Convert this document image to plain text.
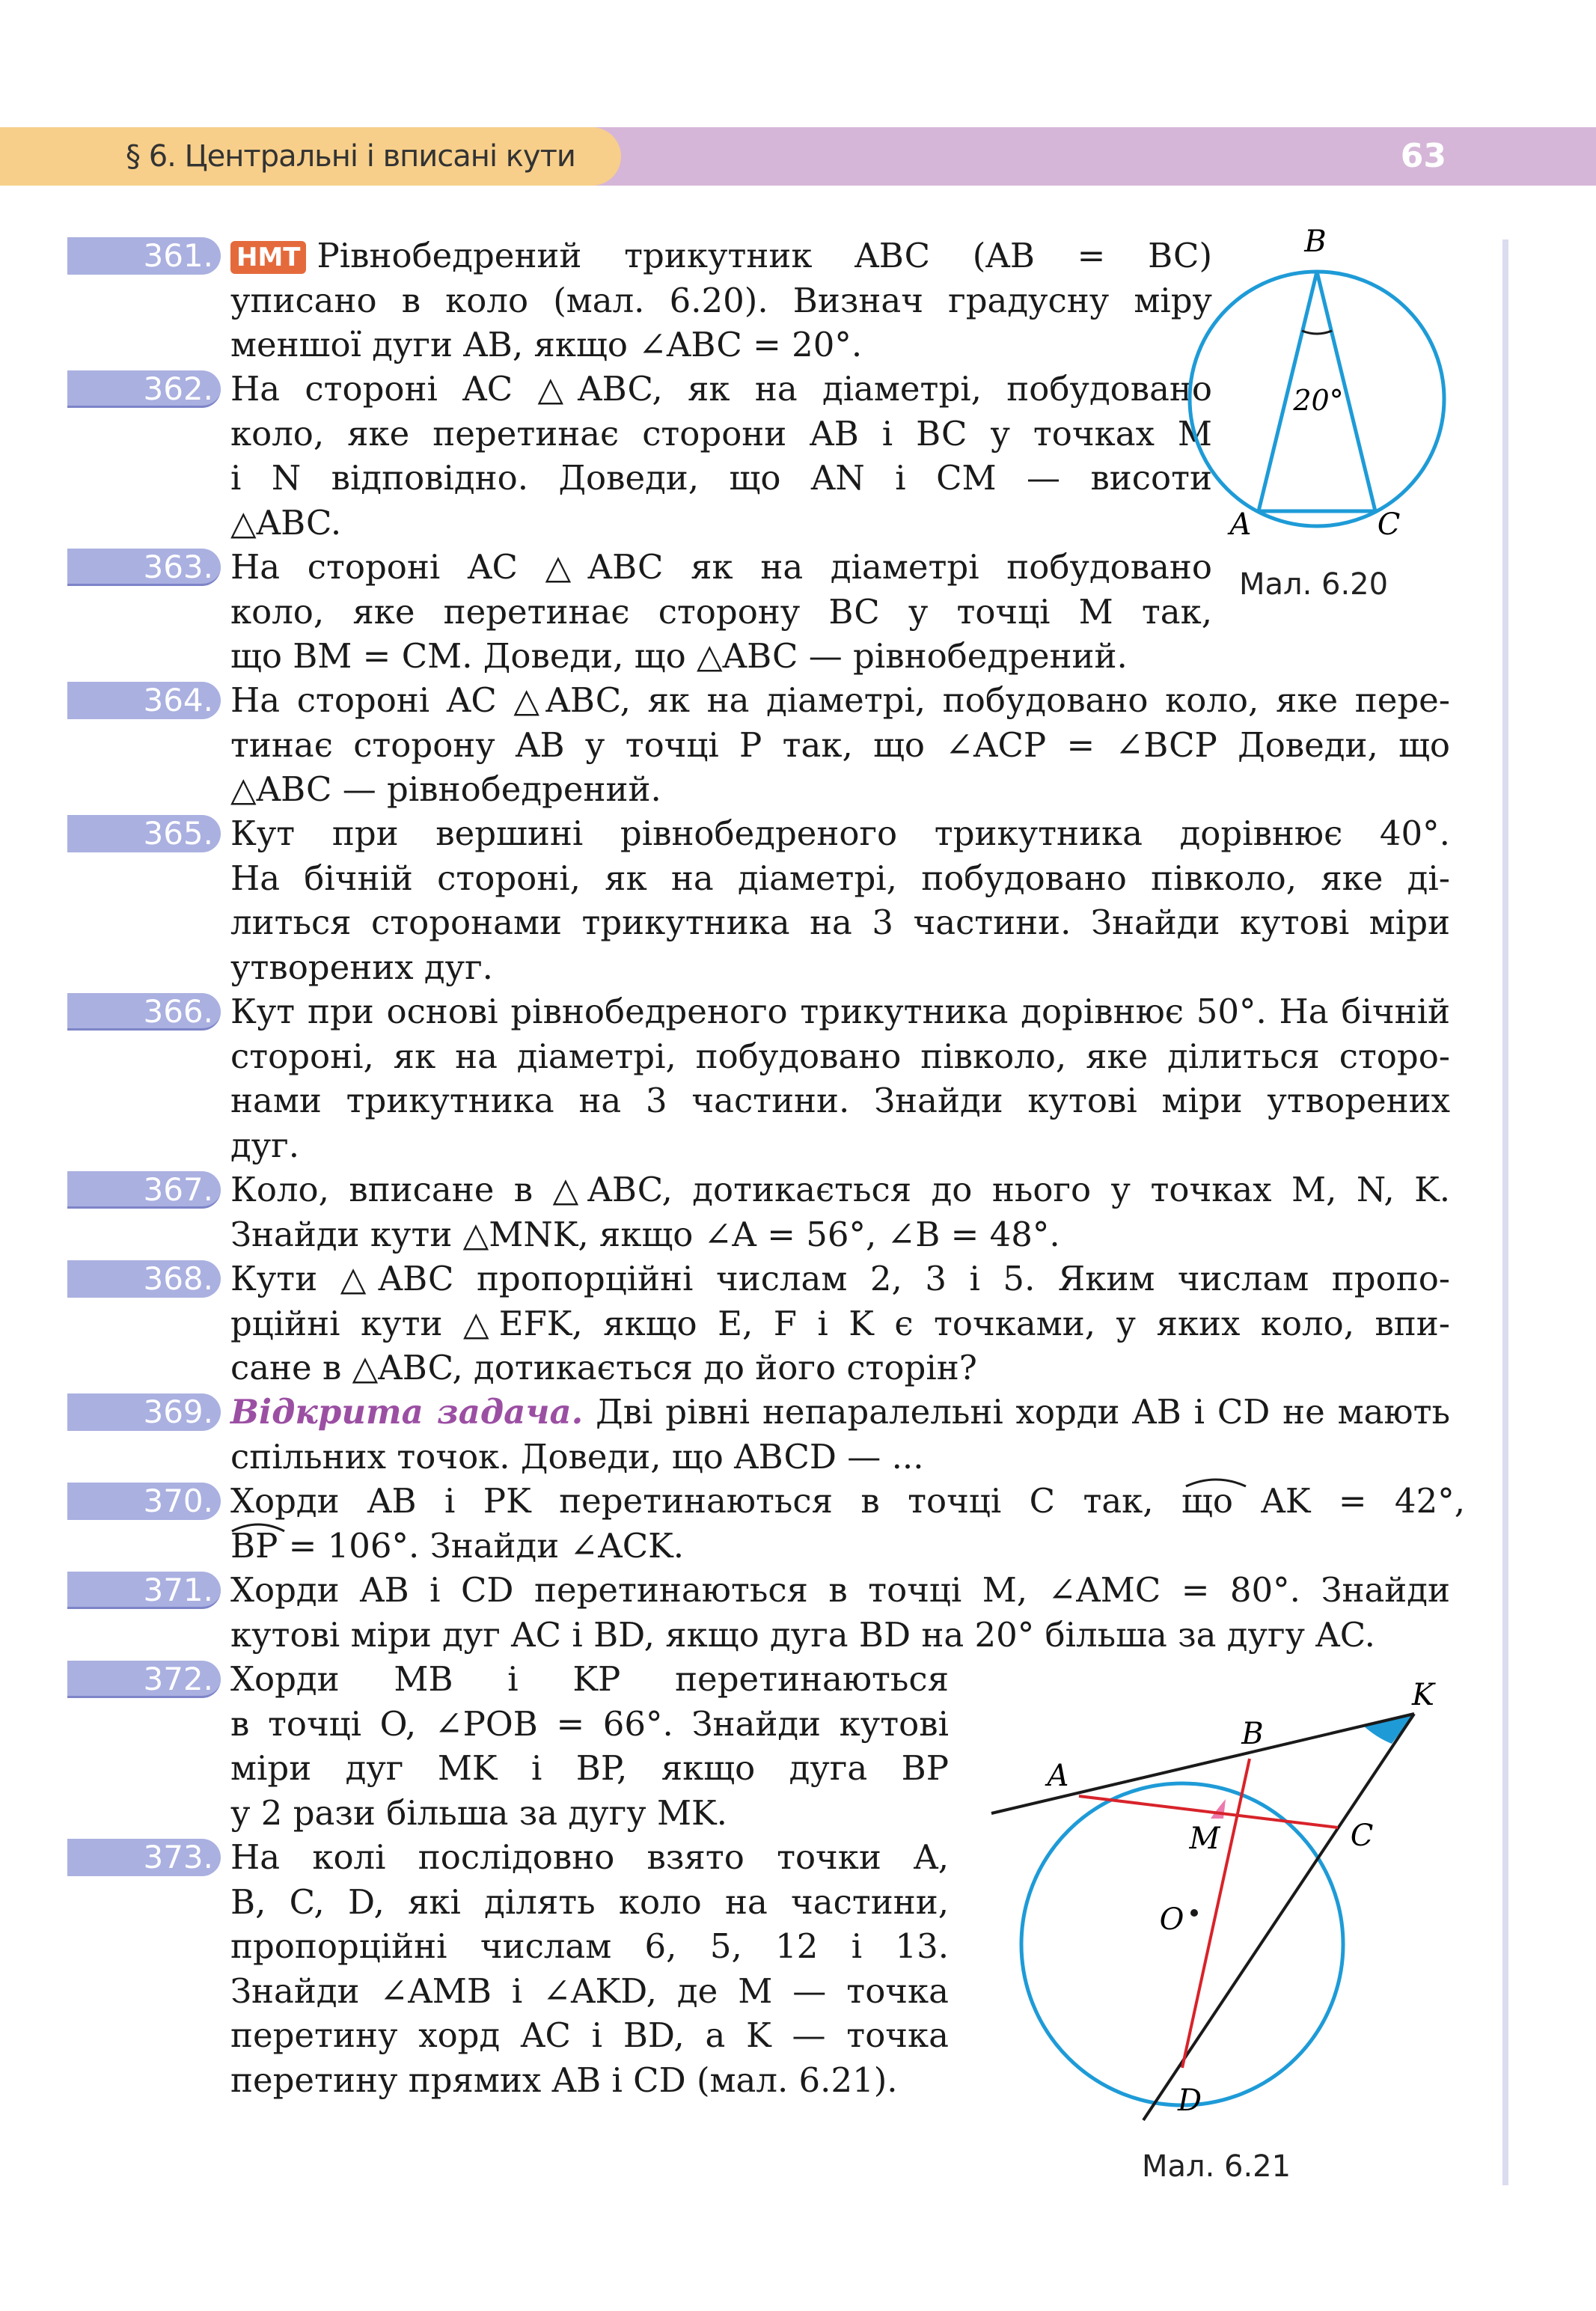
§ 6. Центральні і вписані кути	63
361. НМТ Рівнобедрений трикутник ABC (AB = BC)
уписано в коло (мал. 6.20). Визнач градусну міру
меншої дуги AB, якщо ∠ABC = 20°.
362. На стороні AC △ABC, як на діаметрі, побудовано
коло, яке перетинає сторони AB і BC у точках M
і N відповідно. Доведи, що AN і CM — висоти
△ABC.
363. На стороні AC △ABC як на діаметрі побудовано
коло, яке перетинає сторону BC у точці M так,
що BM = CM. Доведи, що △ABC — рівнобедрений.
364. На стороні AC △ABC, як на діаметрі, побудовано коло, яке пере-
тинає сторону AB у точці P так, що ∠ACP = ∠BCP Доведи, що
△ABC — рівнобедрений.
365. Кут при вершині рівнобедреного трикутника дорівнює 40°.
На бічній стороні, як на діаметрі, побудовано півколо, яке ді-
литься сторонами трикутника на 3 частини. Знайди кутові міри
утворених дуг.
366. Кут при основі рівнобедреного трикутника дорівнює 50°. На бічній
стороні, як на діаметрі, побудовано півколо, яке ділиться сторо-
нами трикутника на 3 частини. Знайди кутові міри утворених
дуг.
367. Коло, вписане в △ABC, дотикається до нього у точках M, N, K.
Знайди кути △MNK, якщо ∠A = 56°, ∠B = 48°.
368. Кути △ABC пропорційні числам 2, 3 і 5. Яким числам пропо-
рційні кути △EFK, якщо E, F і K є точками, у яких коло, впи-
сане в △ABC, дотикається до його сторін?
369. Відкрита задача. Дві рівні непаралельні хорди AB і CD не мають
спільних точок. Доведи, що ABCD — ...
370. Хорди AB і PK перетинаються в точці C так, що AK = 42°,
BP = 106°. Знайди ∠ACK.
371. Хорди AB і CD перетинаються в точці M, ∠AMC = 80°. Знайди
кутові міри дуг AC і BD, якщо дуга BD на 20° більша за дугу AC.
372. Хорди MB і KP перетинаються
в точці O, ∠POB = 66°. Знайди кутові
міри дуг MK і BP, якщо дуга BP
у 2 рази більша за дугу MK.
373. На колі послідовно взято точки A,
B, C, D, які ділять коло на частини,
пропорційні числам 6, 5, 12 і 13.
Знайди ∠AMB і ∠AKD, де M — точка
перетину хорд AC і BD, а K — точка
перетину прямих AB і CD (мал. 6.21).
B
A	C
20°
Мал. 6.20
K
B
A
C
M
O
D
Мал. 6.21
